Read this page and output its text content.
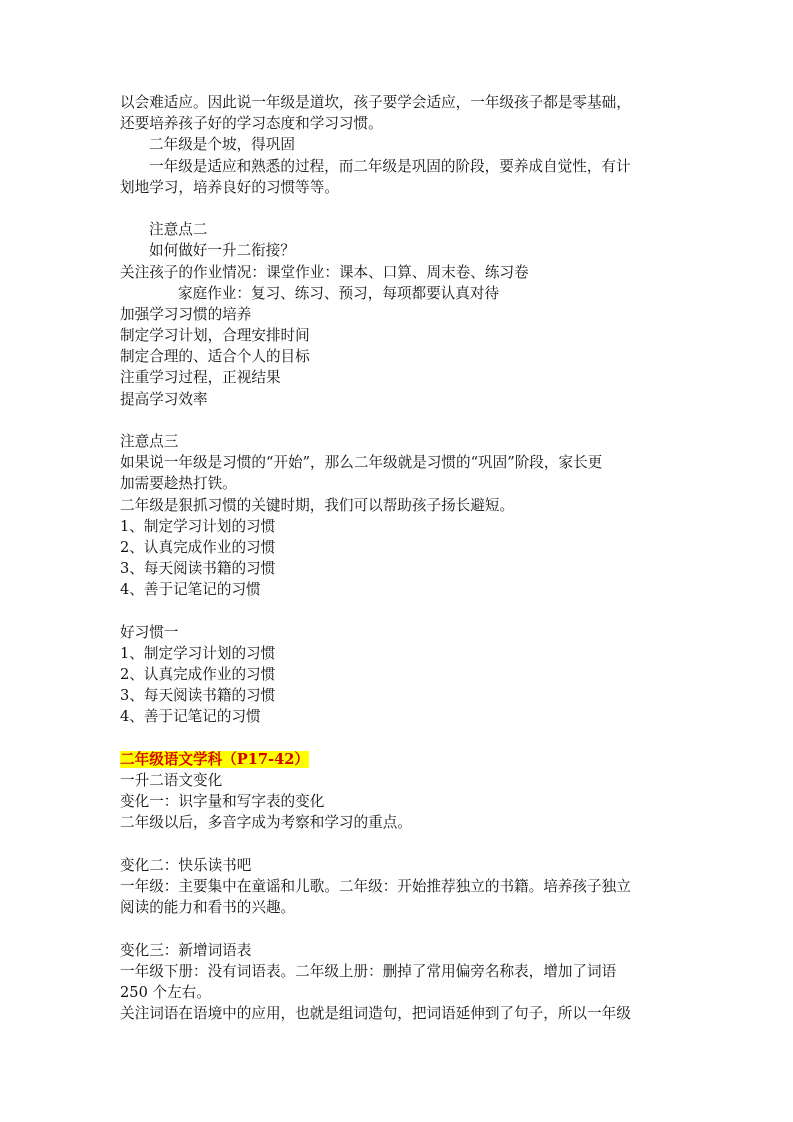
以会难适应。因此说一年级是道坎，孩子要学会适应，一年级孩子都是零基础，
还要培养孩子好的学习态度和学习习惯。
二年级是个坡，得巩固
一年级是适应和熟悉的过程，而二年级是巩固的阶段，要养成自觉性，有计
划地学习，培养良好的习惯等等。
注意点二
如何做好一升二衔接？
关注孩子的作业情况：课堂作业：课本、口算、周末卷、练习卷
家庭作业：复习、练习、预习，每项都要认真对待
加强学习习惯的培养
制定学习计划，合理安排时间
制定合理的、适合个人的目标
注重学习过程，正视结果
提高学习效率
注意点三
如果说一年级是习惯的“开始”，那么二年级就是习惯的“巩固”阶段，家长更
加需要趁热打铁。
二年级是狠抓习惯的关键时期，我们可以帮助孩子扬长避短。
1、制定学习计划的习惯
2、认真完成作业的习惯
3、每天阅读书籍的习惯
4、善于记笔记的习惯
好习惯一
1、制定学习计划的习惯
2、认真完成作业的习惯
3、每天阅读书籍的习惯
4、善于记笔记的习惯
二年级语文学科（P17-42）
一升二语文变化
变化一：识字量和写字表的变化
二年级以后，多音字成为考察和学习的重点。
变化二：快乐读书吧
一年级：主要集中在童谣和儿歌。二年级：开始推荐独立的书籍。培养孩子独立
阅读的能力和看书的兴趣。
变化三：新增词语表
一年级下册：没有词语表。二年级上册：删掉了常用偏旁名称表，增加了词语
250 个左右。
关注词语在语境中的应用，也就是组词造句，把词语延伸到了句子，所以一年级
